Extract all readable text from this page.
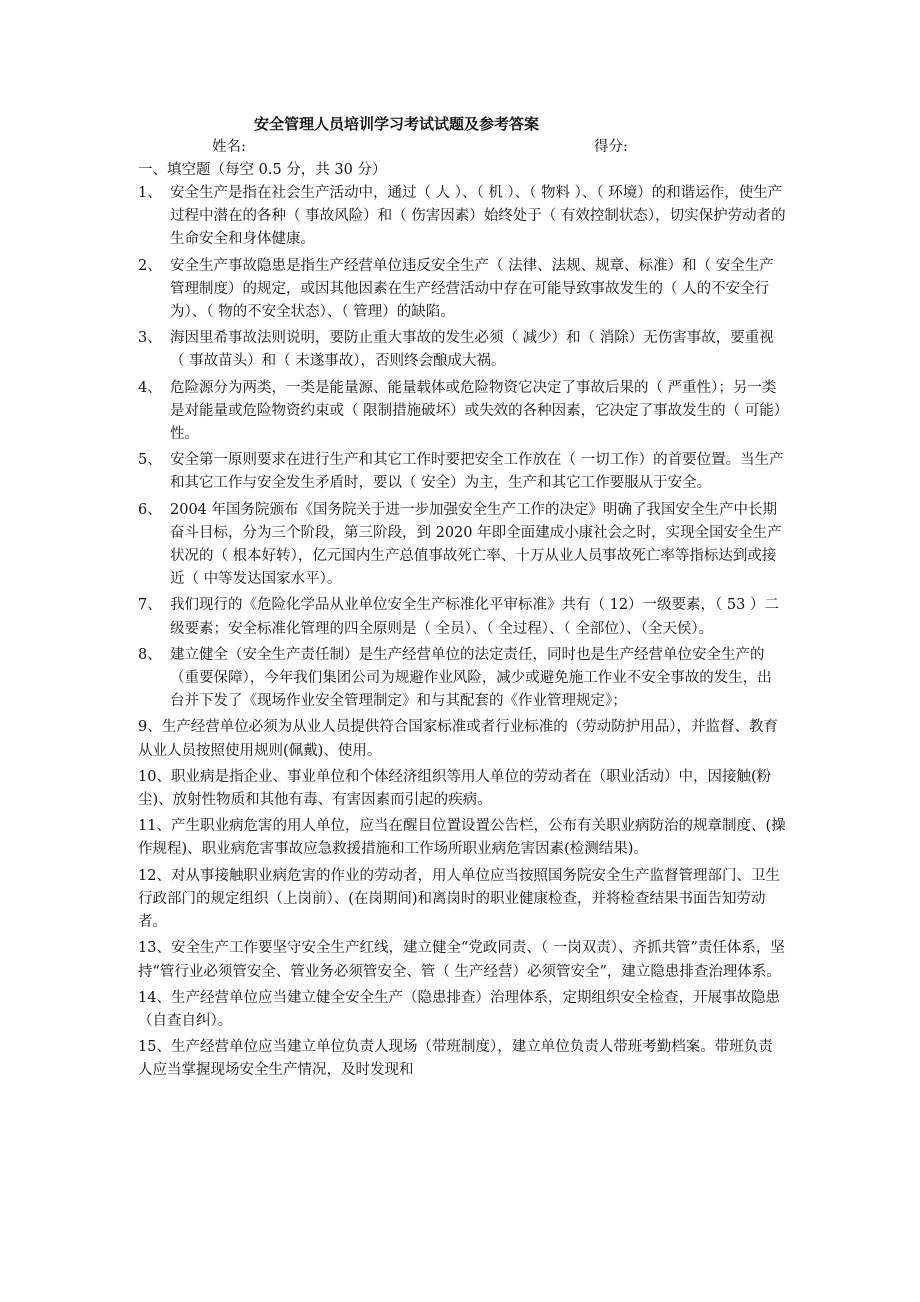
安全管理人员培训学习考试试题及参考答案
姓名:	得分:
一、填空题（每空 0.5 分，共 30 分）
1、 安全生产是指在社会生产活动中，通过（ 人 ）、（ 机 ）、（ 物料 ）、（ 环境）的和谐运作，使生产过程中潜在的各种（ 事故风险）和（ 伤害因素）始终处于（ 有效控制状态），切实保护劳动者的生命安全和身体健康。
2、 安全生产事故隐患是指生产经营单位违反安全生产（ 法律、法规、规章、标准）和（ 安全生产管理制度）的规定，或因其他因素在生产经营活动中存在可能导致事故发生的（ 人的不安全行为）、（ 物的不安全状态）、（ 管理）的缺陷。
3、 海因里希事故法则说明，要防止重大事故的发生必须（ 减少）和（ 消除）无伤害事故，要重视（ 事故苗头）和（ 未遂事故），否则终会酿成大祸。
4、 危险源分为两类，一类是能量源、能量载体或危险物资它决定了事故后果的（ 严重性）；另一类是对能量或危险物资约束或（ 限制措施破坏）或失效的各种因素，它决定了事故发生的（ 可能）性。
5、 安全第一原则要求在进行生产和其它工作时要把安全工作放在（ 一切工作）的首要位置。当生产和其它工作与安全发生矛盾时，要以（ 安全）为主，生产和其它工作要服从于安全。
6、 2004 年国务院颁布《国务院关于进一步加强安全生产工作的决定》明确了我国安全生产中长期奋斗目标，分为三个阶段，第三阶段，到 2020 年即全面建成小康社会之时，实现全国安全生产状况的（ 根本好转），亿元国内生产总值事故死亡率、十万从业人员事故死亡率等指标达到或接近（ 中等发达国家水平）。
7、 我们现行的《危险化学品从业单位安全生产标准化平审标准》共有（ 12）一级要素，（ 53 ）二级要素；安全标准化管理的四全原则是（ 全员）、（ 全过程）、（ 全部位）、（全天侯）。
8、 建立健全（安全生产责任制）是生产经营单位的法定责任，同时也是生产经营单位安全生产的（重要保障），今年我们集团公司为规避作业风险，减少或避免施工作业不安全事故的发生，出台并下发了《现场作业安全管理制定》和与其配套的《作业管理规定》；
9、生产经营单位必须为从业人员提供符合国家标准或者行业标准的（劳动防护用品），并监督、教育从业人员按照使用规则(佩戴)、使用。
10、职业病是指企业、事业单位和个体经济组织等用人单位的劳动者在（职业活动）中，因接触(粉尘)、放射性物质和其他有毒、有害因素而引起的疾病。
11、产生职业病危害的用人单位，应当在醒目位置设置公告栏，公布有关职业病防治的规章制度、(操作规程)、职业病危害事故应急救援措施和工作场所职业病危害因素(检测结果)。
12、对从事接触职业病危害的作业的劳动者，用人单位应当按照国务院安全生产监督管理部门、卫生行政部门的规定组织（上岗前）、(在岗期间)和离岗时的职业健康检查，并将检查结果书面告知劳动者。
13、安全生产工作要坚守安全生产红线，建立健全“党政同责、（ 一岗双责）、齐抓共管”责任体系，坚持“管行业必须管安全、管业务必须管安全、管（ 生产经营）必须管安全”，建立隐患排查治理体系。
14、生产经营单位应当建立健全安全生产（隐患排查）治理体系，定期组织安全检查，开展事故隐患（自查自纠）。
15、生产经营单位应当建立单位负责人现场（带班制度），建立单位负责人带班考勤档案。带班负责人应当掌握现场安全生产情况，及时发现和
